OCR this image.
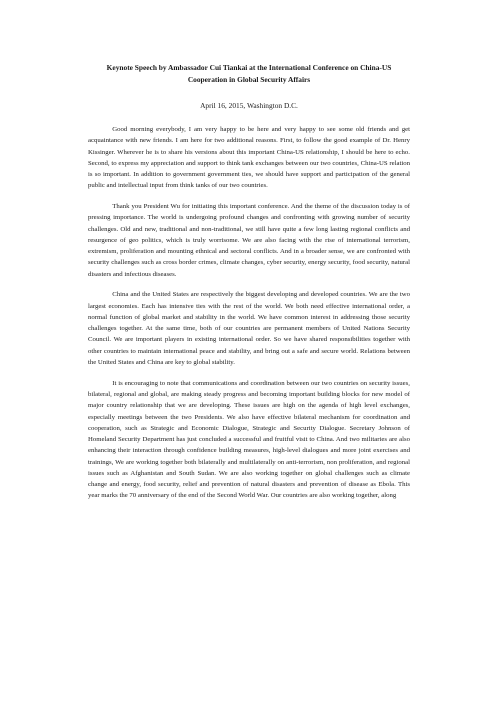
Keynote Speech by Ambassador Cui Tiankai at the International Conference on China-US
Cooperation in Global Security Affairs
April 16, 2015, Washington D.C.

Good morning everybody, I am very happy to be here and very happy to see some old friends and get acquaintance with new friends. I am here for two additional reasons. First, to follow the good example of Dr. Henry Kissinger. Wherever he is to share his versions about this important China-US relationship, I should be here to echo. Second, to express my appreciation and support to think tank exchanges between our two countries, China-US relation is so important. In addition to government government ties, we should have support and participation of the general public and intellectual input from think tanks of our two countries.

Thank you President Wu for initiating this important conference. And the theme of the discussion today is of pressing importance. The world is undergoing profound changes and confronting with growing number of security challenges. Old and new, traditional and non-traditional, we still have quite a few long lasting regional conflicts and resurgence of geo politics, which is truly worrisome. We are also facing with the rise of international terrorism, extremism, proliferation and mounting ethnical and sectoral conflicts. And in a broader sense, we are confronted with security challenges such as cross border crimes, climate changes, cyber security, energy security, food security, natural disasters and infectious diseases.

China and the United States are respectively the biggest developing and developed countries. We are the two largest economies. Each has intensive ties with the rest of the world. We both need effective international order, a normal function of global market and stability in the world. We have common interest in addressing those security challenges together. At the same time, both of our countries are permanent members of United Nations Security Council. We are important players in existing international order. So we have shared responsibilities together with other countries to maintain international peace and stability, and bring out a safe and secure world. Relations between the United States and China are key to global stability.

It is encouraging to note that communications and coordination between our two countries on security issues, bilateral, regional and global, are making steady progress and becoming important building blocks for new model of major country relationship that we are developing. These issues are high on the agenda of high level exchanges, especially meetings between the two Presidents. We also have effective bilateral mechanism for coordination and cooperation, such as Strategic and Economic Dialogue, Strategic and Security Dialogue. Secretary Johnson of Homeland Security Department has just concluded a successful and fruitful visit to China. And two militaries are also enhancing their interaction through confidence building measures, high-level dialogues and more joint exercises and trainings, We are working together both bilaterally and multilaterally on anti-terrorism, non proliferation, and regional issues such as Afghanistan and South Sudan. We are also working together on global challenges such as climate change and energy, food security, relief and prevention of natural disasters and prevention of disease as Ebola. This year marks the 70 anniversary of the end of the Second World War. Our countries are also working together, along
